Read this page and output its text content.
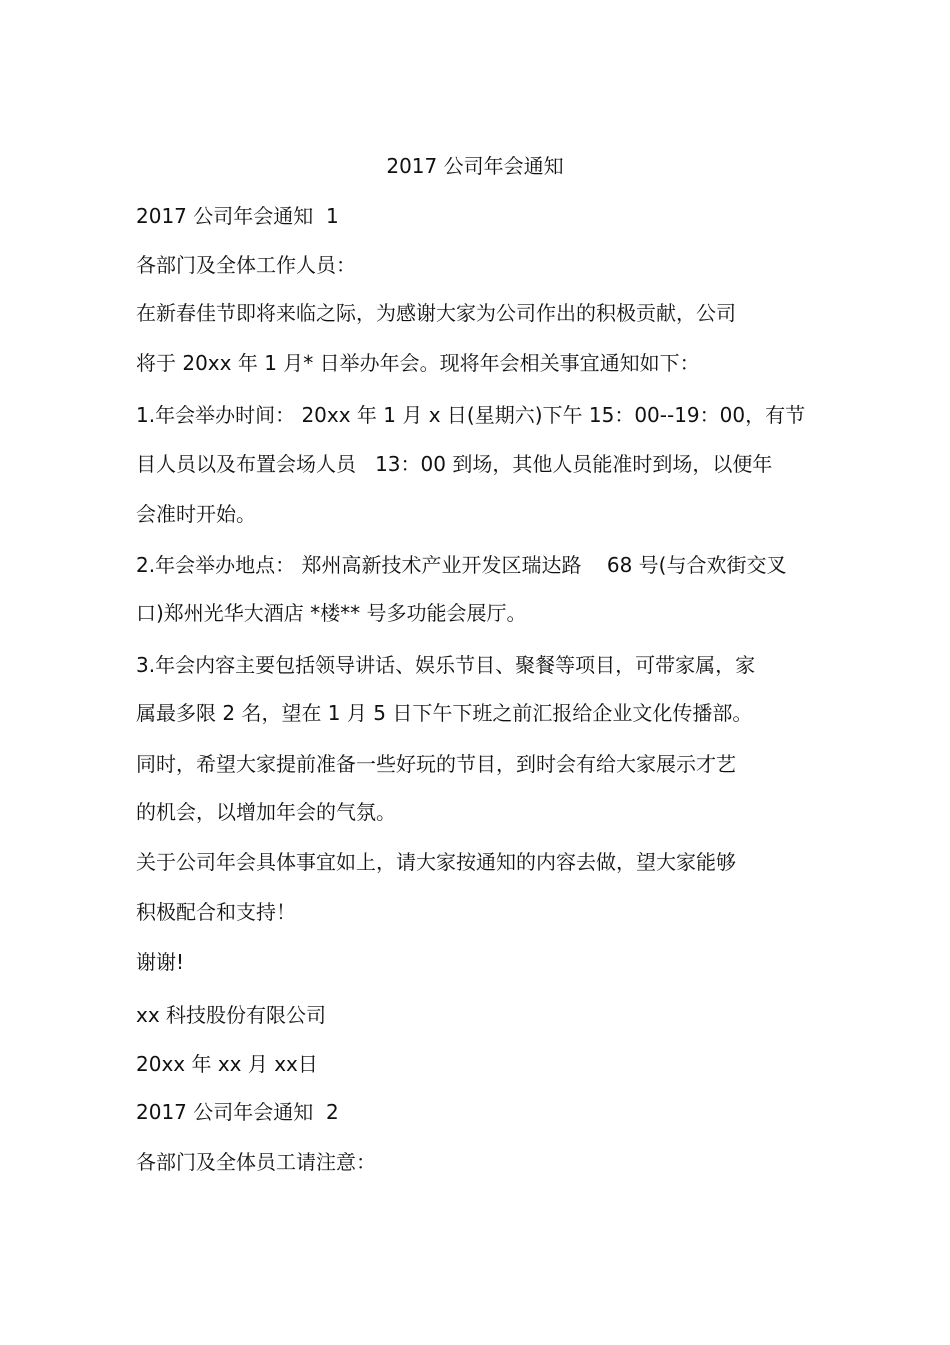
2017 公司年会通知
2017 公司年会通知  1
各部门及全体工作人员：
在新春佳节即将来临之际，为感谢大家为公司作出的积极贡献，公司
将于 20xx 年 1 月* 日举办年会。现将年会相关事宜通知如下：
1.年会举办时间： 20xx 年 1 月 x 日(星期六)下午 15：00--19：00，有节
目人员以及布置会场人员   13：00 到场，其他人员能准时到场，以便年
会准时开始。
2.年会举办地点： 郑州高新技术产业开发区瑞达路    68 号(与合欢街交叉
口)郑州光华大酒店 *楼** 号多功能会展厅。
3.年会内容主要包括领导讲话、娱乐节目、聚餐等项目，可带家属，家
属最多限 2 名，望在 1 月 5 日下午下班之前汇报给企业文化传播部。
同时，希望大家提前准备一些好玩的节目，到时会有给大家展示才艺
的机会，以增加年会的气氛。
关于公司年会具体事宜如上，请大家按通知的内容去做，望大家能够
积极配合和支持！
谢谢!
xx 科技股份有限公司
20xx 年 xx 月 xx日
2017 公司年会通知  2
各部门及全体员工请注意：
